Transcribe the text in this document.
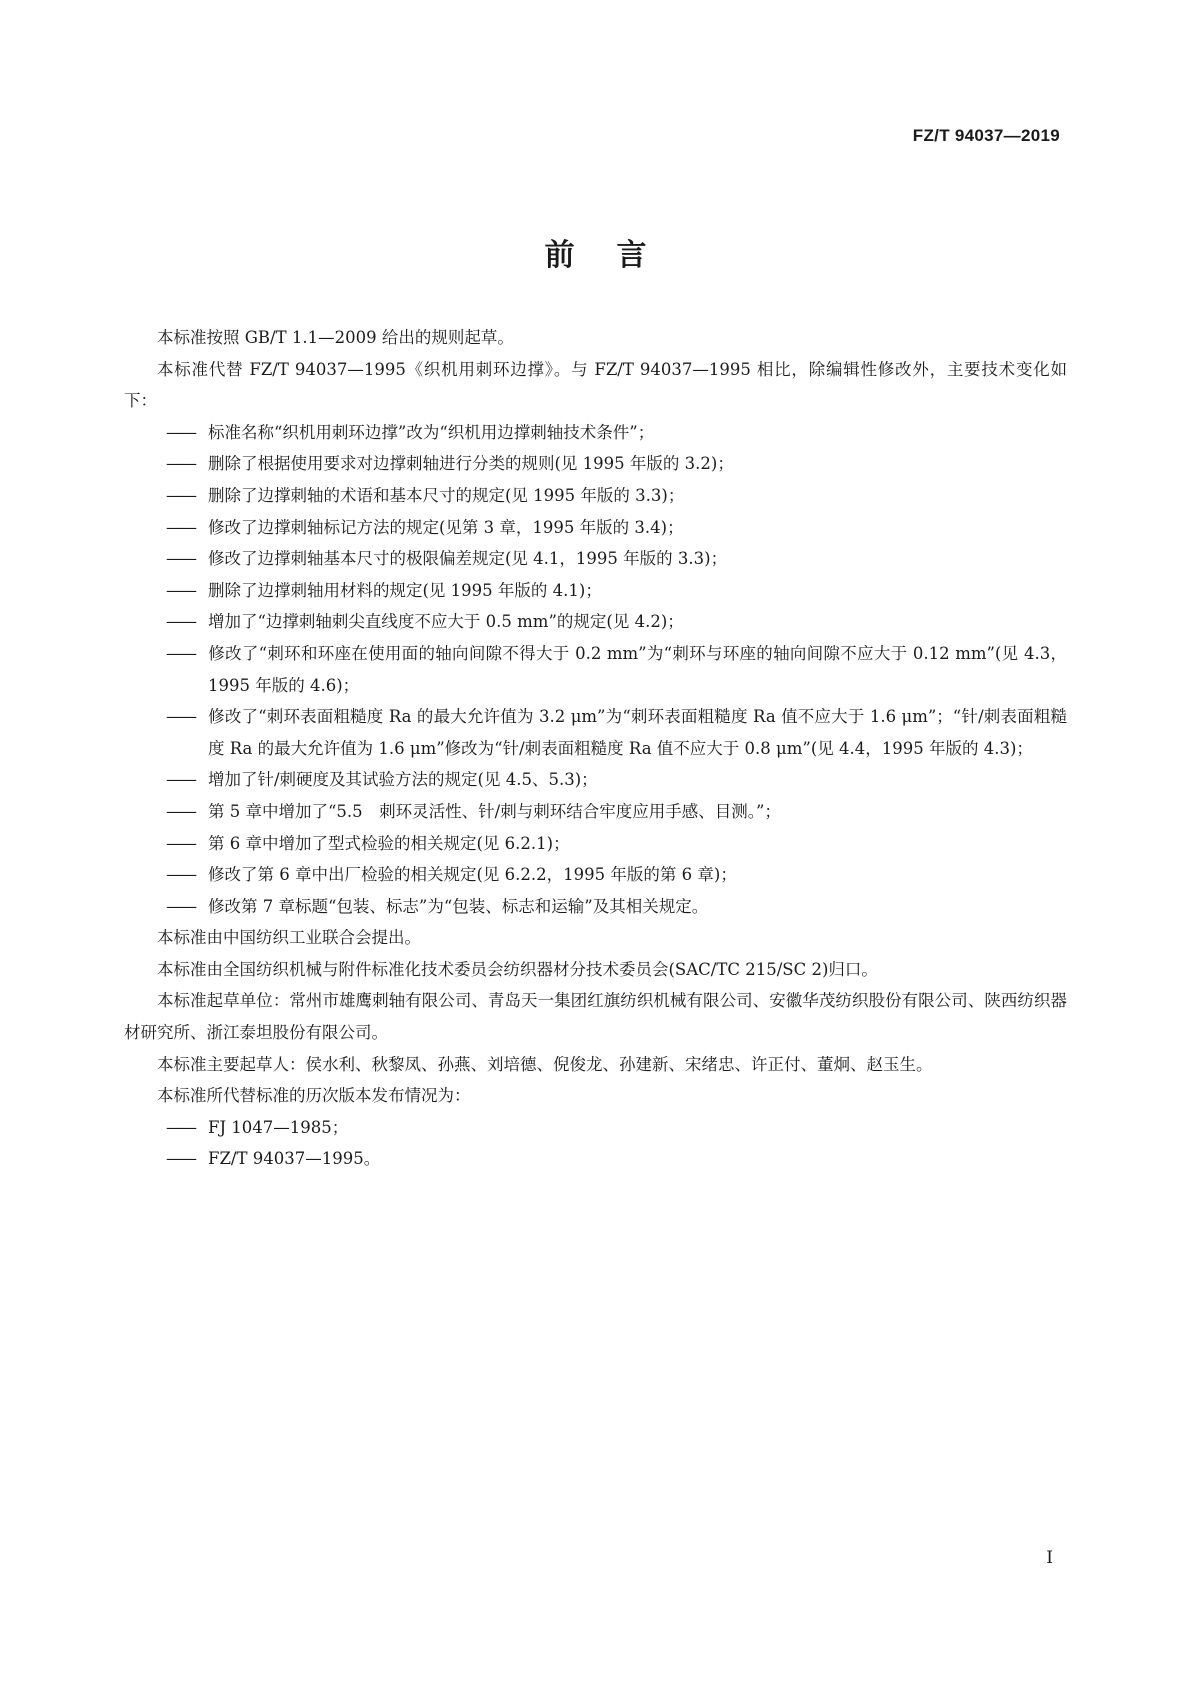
FZ/T 94037—2019
前言

本标准按照 GB/T 1.1—2009 给出的规则起草。

本标准代替 FZ/T 94037—1995《织机用刺环边撑》。与 FZ/T 94037—1995 相比，除编辑性修改外，主要技术变化如下：

—— 标准名称“织机用刺环边撑”改为“织机用边撑刺轴技术条件”；

—— 删除了根据使用要求对边撑刺轴进行分类的规则(见 1995 年版的 3.2)；

—— 删除了边撑刺轴的术语和基本尺寸的规定(见 1995 年版的 3.3)；

—— 修改了边撑刺轴标记方法的规定(见第 3 章，1995 年版的 3.4)；

—— 修改了边撑刺轴基本尺寸的极限偏差规定(见 4.1，1995 年版的 3.3)；

—— 删除了边撑刺轴用材料的规定(见 1995 年版的 4.1)；

—— 增加了“边撑刺轴刺尖直线度不应大于 0.5 mm”的规定(见 4.2)；

—— 修改了“刺环和环座在使用面的轴向间隙不得大于 0.2 mm”为“刺环与环座的轴向间隙不应大于 0.12 mm”(见 4.3，1995 年版的 4.6)；

—— 修改了“刺环表面粗糙度 Ra 的最大允许值为 3.2 μm”为“刺环表面粗糙度 Ra 值不应大于 1.6 μm”；“针/刺表面粗糙度 Ra 的最大允许值为 1.6 μm”修改为“针/刺表面粗糙度 Ra 值不应大于 0.8 μm”(见 4.4，1995 年版的 4.3)；

—— 增加了针/刺硬度及其试验方法的规定(见 4.5、5.3)；

—— 第 5 章中增加了“5.5　刺环灵活性、针/刺与刺环结合牢度应用手感、目测。”；

—— 第 6 章中增加了型式检验的相关规定(见 6.2.1)；

—— 修改了第 6 章中出厂检验的相关规定(见 6.2.2，1995 年版的第 6 章)；

—— 修改第 7 章标题“包装、标志”为“包装、标志和运输”及其相关规定。

本标准由中国纺织工业联合会提出。

本标准由全国纺织机械与附件标准化技术委员会纺织器材分技术委员会(SAC/TC 215/SC 2)归口。

本标准起草单位：常州市雄鹰刺轴有限公司、青岛天一集团红旗纺织机械有限公司、安徽华茂纺织股份有限公司、陕西纺织器材研究所、浙江泰坦股份有限公司。

本标准主要起草人：侯水利、秋黎凤、孙燕、刘培德、倪俊龙、孙建新、宋绪忠、许正付、董炯、赵玉生。

本标准所代替标准的历次版本发布情况为：

—— FJ 1047—1985；

—— FZ/T 94037—1995。

I
